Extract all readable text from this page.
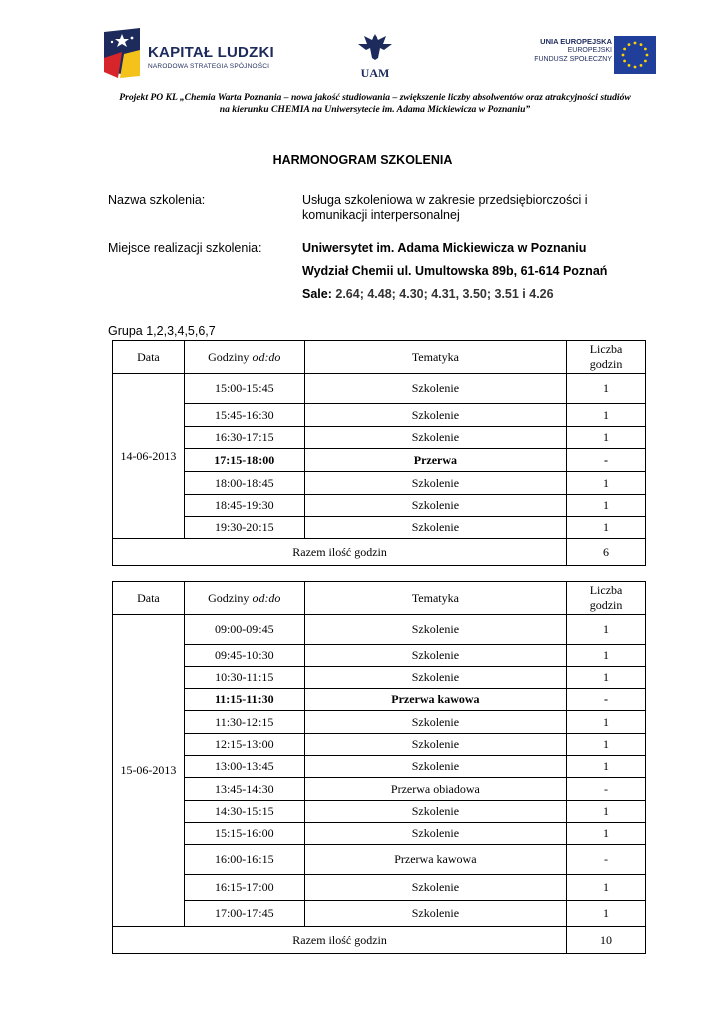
KAPITAŁ LUDZKI
NARODOWA STRATEGIA SPÓJNOŚCI	UAM
UNIA EUROPEJSKA
EUROPEJSKI
FUNDUSZ SPOŁECZNY
Projekt PO KL „Chemia Warta Poznania – nowa jakość studiowania – zwiększenie liczby absolwentów oraz atrakcyjności studiów
na kierunku CHEMIA na Uniwersytecie im. Adama Mickiewicza w Poznaniu”
HARMONOGRAM SZKOLENIA
Nazwa szkolenia:	Usługa szkoleniowa w zakresie przedsiębiorczości i
komunikacji interpersonalnej
Miejsce realizacji szkolenia:	Uniwersytet im. Adama Mickiewicza w Poznaniu
Wydział Chemii ul. Umultowska 89b, 61-614 Poznań
Sale: 2.64; 4.48; 4.30; 4.31, 3.50; 3.51 i 4.26
Grupa 1,2,3,4,5,6,7
Data	Godziny od:do	Tematyka	Liczba
godzin

14-06-2013	15:00-15:45	Szkolenie	1
	15:45-16:30	Szkolenie	1
	16:30-17:15	Szkolenie	1
	17:15-18:00	Przerwa	-
	18:00-18:45	Szkolenie	1
	18:45-19:30	Szkolenie	1
	19:30-20:15	Szkolenie	1
Razem ilość godzin			6
Data	Godziny od:do	Tematyka	Liczba
godzin

15-06-2013	09:00-09:45	Szkolenie	1
	09:45-10:30	Szkolenie	1
	10:30-11:15	Szkolenie	1
	11:15-11:30	Przerwa kawowa	-
	11:30-12:15	Szkolenie	1
	12:15-13:00	Szkolenie	1
	13:00-13:45	Szkolenie	1
	13:45-14:30	Przerwa obiadowa	-
	14:30-15:15	Szkolenie	1
	15:15-16:00	Szkolenie	1
	16:00-16:15	Przerwa kawowa	-
	16:15-17:00	Szkolenie	1
	17:00-17:45	Szkolenie	1
Razem ilość godzin			10
